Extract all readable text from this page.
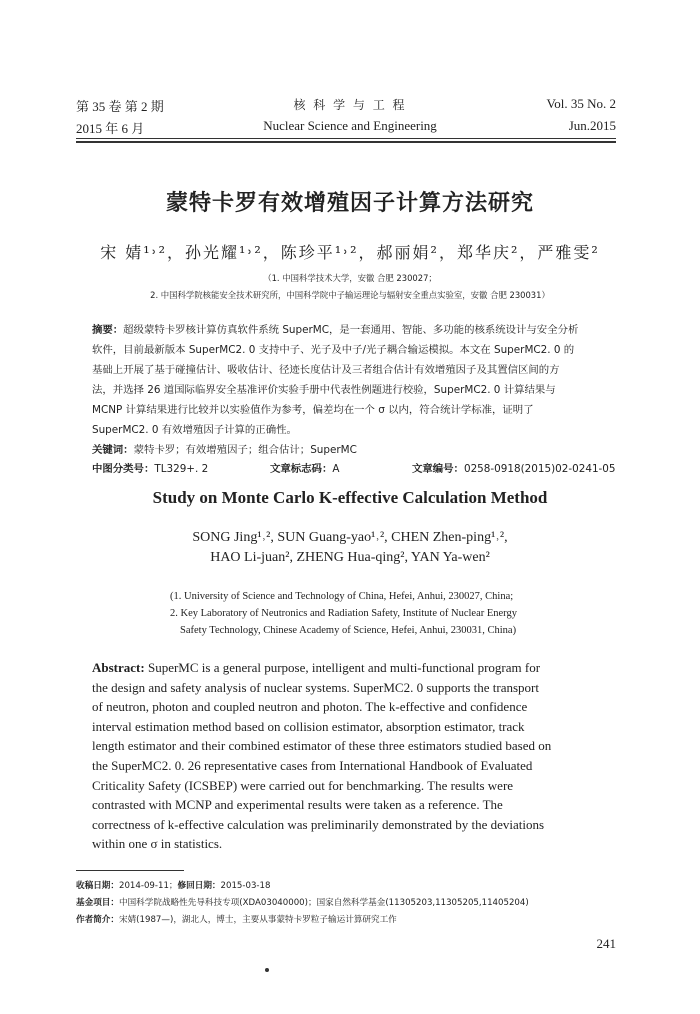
第 35 卷 第 2 期
2015 年 6 月
核 科 学 与 工 程
Nuclear Science and Engineering
Vol. 35 No. 2
Jun.2015
蒙特卡罗有效增殖因子计算方法研究
宋 婧¹˒²，孙光耀¹˒²，陈珍平¹˒²，郝丽娟²，郑华庆²，严雅雯²
（1. 中国科学技术大学，安徽 合肥 230027；
2. 中国科学院核能安全技术研究所，中国科学院中子输运理论与辐射安全重点实验室，安徽 合肥 230031）
摘要：超级蒙特卡罗核计算仿真软件系统 SuperMC，是一套通用、智能、多功能的核系统设计与安全分析
软件，目前最新版本 SuperMC2. 0 支持中子、光子及中子/光子耦合输运模拟。本文在 SuperMC2. 0 的
基础上开展了基于碰撞估计、吸收估计、径迹长度估计及三者组合估计有效增殖因子及其置信区间的方
法，并选择 26 道国际临界安全基准评价实验手册中代表性例题进行校验，SuperMC2. 0 计算结果与
MCNP 计算结果进行比较并以实验值作为参考，偏差均在一个 σ 以内，符合统计学标准，证明了
SuperMC2. 0 有效增殖因子计算的正确性。
关键词：蒙特卡罗；有效增殖因子；组合估计；SuperMC
中图分类号：TL329+. 2	文章标志码：A	文章编号：0258-0918(2015)02-0241-05
Study on Monte Carlo K-effective Calculation Method
SONG Jing¹˒², SUN Guang-yao¹˒², CHEN Zhen-ping¹˒²,
HAO Li-juan², ZHENG Hua-qing², YAN Ya-wen²
(1. University of Science and Technology of China, Hefei, Anhui, 230027, China;
2. Key Laboratory of Neutronics and Radiation Safety, Institute of Nuclear Energy
Safety Technology, Chinese Academy of Science, Hefei, Anhui, 230031, China)
Abstract: SuperMC is a general purpose, intelligent and multi-functional program for
the design and safety analysis of nuclear systems. SuperMC2. 0 supports the transport
of neutron, photon and coupled neutron and photon. The k-effective and confidence
interval estimation method based on collision estimator, absorption estimator, track
length estimator and their combined estimator of these three estimators studied based on
the SuperMC2. 0. 26 representative cases from International Handbook of Evaluated
Criticality Safety (ICSBEP) were carried out for benchmarking. The results were
contrasted with MCNP and experimental results were taken as a reference. The
correctness of k-effective calculation was preliminarily demonstrated by the deviations
within one σ in statistics.
收稿日期：2014-09-11；修回日期：2015-03-18
基金项目：中国科学院战略性先导科技专项(XDA03040000)；国家自然科学基金(11305203,11305205,11405204)
作者简介：宋婧(1987—)，湖北人，博士，主要从事蒙特卡罗粒子输运计算研究工作
241
